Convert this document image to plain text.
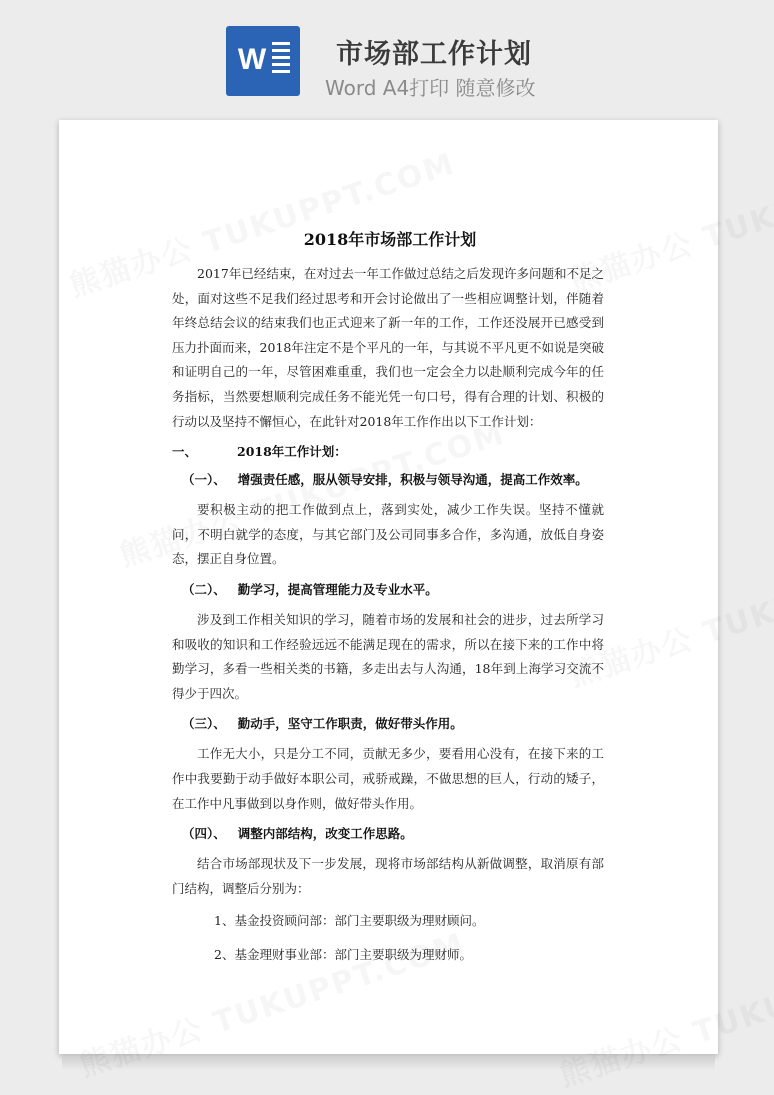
W	市场部工作计划
Word A4打印 随意修改
2018年市场部工作计划

2017年已经结束，在对过去一年工作做过总结之后发现许多问题和不足之处，面对这些不足我们经过思考和开会讨论做出了一些相应调整计划，伴随着年终总结会议的结束我们也正式迎来了新一年的工作，工作还没展开已感受到压力扑面而来，2018年注定不是个平凡的一年，与其说不平凡更不如说是突破和证明自己的一年，尽管困难重重，我们也一定会全力以赴顺利完成今年的任务指标，当然要想顺利完成任务不能光凭一句口号，得有合理的计划、积极的行动以及坚持不懈恒心，在此针对2018年工作作出以下工作计划：

一、	2018年工作计划：

（一）、 增强责任感，服从领导安排，积极与领导沟通，提高工作效率。

要积极主动的把工作做到点上，落到实处，减少工作失误。坚持不懂就问，不明白就学的态度，与其它部门及公司同事多合作，多沟通，放低自身姿态，摆正自身位置。

（二）、 勤学习，提高管理能力及专业水平。

涉及到工作相关知识的学习，随着市场的发展和社会的进步，过去所学习和吸收的知识和工作经验远远不能满足现在的需求，所以在接下来的工作中将勤学习，多看一些相关类的书籍，多走出去与人沟通，18年到上海学习交流不得少于四次。

（三）、 勤动手，坚守工作职责，做好带头作用。

工作无大小，只是分工不同，贡献无多少，要看用心没有，在接下来的工作中我要勤于动手做好本职公司，戒骄戒躁，不做思想的巨人，行动的矮子，在工作中凡事做到以身作则，做好带头作用。

（四）、 调整内部结构，改变工作思路。

结合市场部现状及下一步发展，现将市场部结构从新做调整，取消原有部门结构，调整后分别为：

1、基金投资顾问部：部门主要职级为理财顾问。

2、基金理财事业部：部门主要职级为理财师。
